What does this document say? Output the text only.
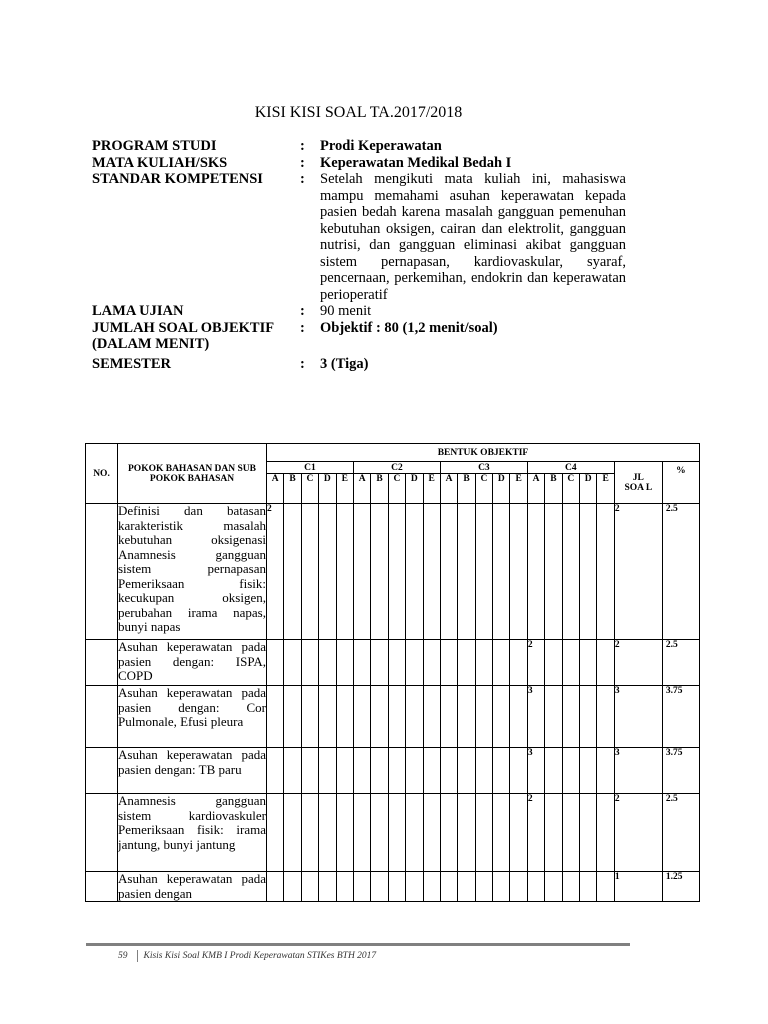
KISI KISI SOAL TA.2017/2018
PROGRAM STUDI	:	Prodi Keperawatan
MATA KULIAH/SKS	:	Keperawatan Medikal Bedah I
STANDAR KOMPETENSI	:	Setelah mengikuti mata kuliah ini, mahasiswa mampu memahami asuhan keperawatan kepada pasien bedah karena masalah gangguan pemenuhan kebutuhan oksigen, cairan dan elektrolit, gangguan nutrisi, dan gangguan eliminasi akibat gangguan sistem pernapasan, kardiovaskular, syaraf, pencernaan, perkemihan, endokrin dan keperawatan perioperatif
LAMA UJIAN	:	90 menit
JUMLAH SOAL OBJEKTIF (DALAM MENIT)
:	Objektif : 80 (1,2 menit/soal)
SEMESTER	:	3 (Tiga)
NO.	POKOK BAHASAN DAN SUB POKOK BAHASAN	BENTUK OBJEKTIF																					
		C1					C2					C3					C4					JL SOA L	%
		A	B	C	D	E	A	B	C	D	E	A	B	C	D	E	A	B	C	D	E		
	Definisi dan batasan karakteristik masalah kebutuhan oksigenasi Anamnesis gangguan sistem pernapasan Pemeriksaan fisik: kecukupan oksigen, perubahan irama napas, bunyi napas	2																				2	2.5
	Asuhan keperawatan pada pasien dengan: ISPA, COPD																2					2	2.5
	Asuhan keperawatan pada pasien dengan: Cor Pulmonale, Efusi pleura																3					3	3.75
	Asuhan keperawatan pada pasien dengan: TB paru																3					3	3.75
	Anamnesis gangguan sistem kardiovaskuler Pemeriksaan fisik: irama jantung, bunyi jantung																2					2	2.5
	Asuhan keperawatan pada pasien dengan																					1	1.25
59 Kisis Kisi Soal KMB I Prodi Keperawatan STIKes BTH 2017
